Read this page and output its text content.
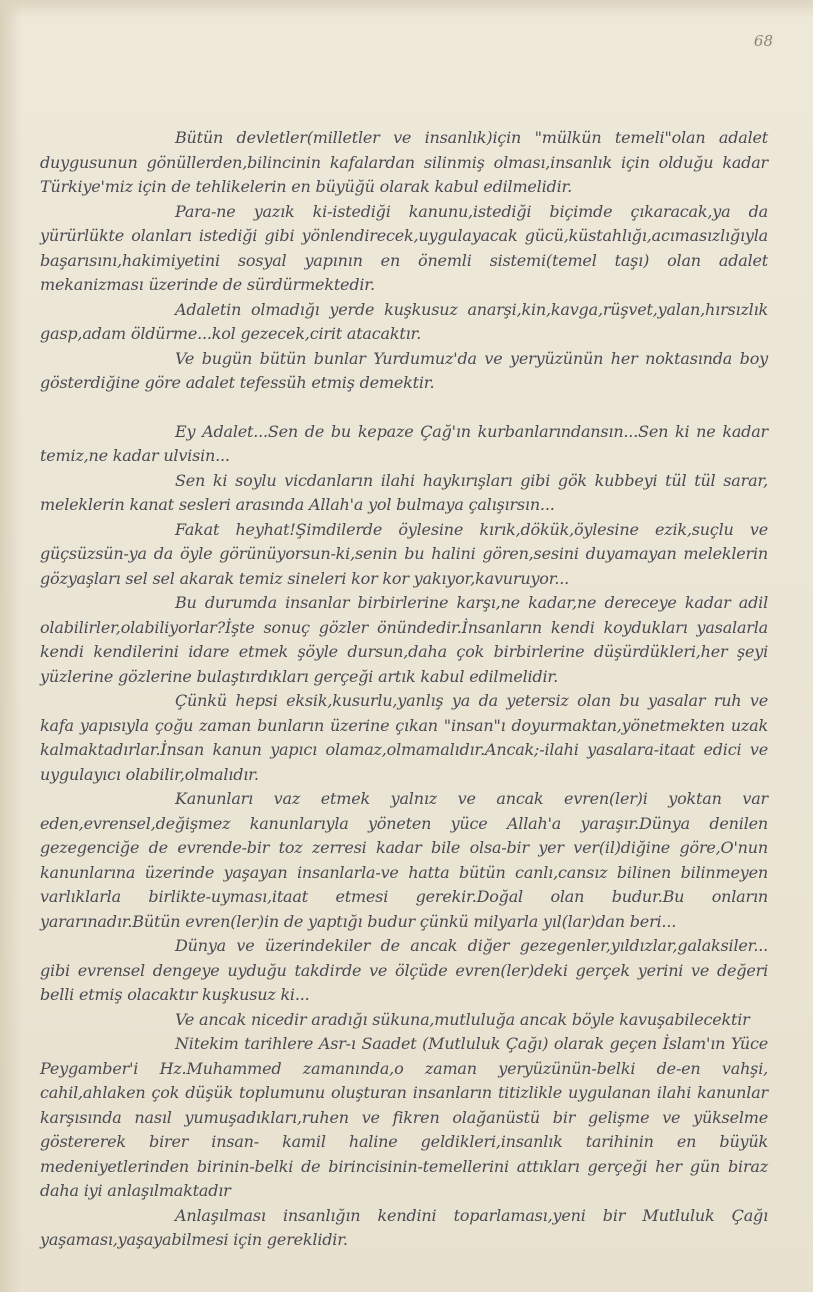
68

Bütün devletler(milletler ve insanlık)için "mülkün temeli"olan adalet duygusunun gönüllerden,bilincinin kafalardan silinmiş olması,insanlık için olduğu kadar Türkiye'miz için de tehlikelerin en büyüğü olarak kabul edilmelidir.

Para-ne yazık ki-istediği kanunu,istediği biçimde çıkaracak,ya da yürürlükte olanları istediği gibi yönlendirecek,uygulayacak gücü,küstahlığı,acımasızlığıyla başarısını,hakimiyetini sosyal yapının en önemli sistemi(temel taşı) olan adalet mekanizması üzerinde de sürdürmektedir.

Adaletin olmadığı yerde kuşkusuz anarşi,kin,kavga,rüşvet,yalan,hırsızlık gasp,adam öldürme...kol gezecek,cirit atacaktır.

Ve bugün bütün bunlar Yurdumuz'da ve yeryüzünün her noktasında boy gösterdiğine göre adalet tefessüh etmiş demektir.

Ey Adalet...Sen de bu kepaze Çağ'ın kurbanlarındansın...Sen ki ne kadar temiz,ne kadar ulvisin...

Sen ki soylu vicdanların ilahi haykırışları gibi gök kubbeyi tül tül sarar, meleklerin kanat sesleri arasında Allah'a yol bulmaya çalışırsın...

Fakat heyhat!Şimdilerde öylesine kırık,dökük,öylesine ezik,suçlu ve güçsüzsün-ya da öyle görünüyorsun-ki,senin bu halini gören,sesini duyamayan meleklerin gözyaşları sel sel akarak temiz sineleri kor kor yakıyor,kavuruyor...

Bu durumda insanlar birbirlerine karşı,ne kadar,ne dereceye kadar adil olabilirler,olabiliyorlar?İşte sonuç gözler önündedir.İnsanların kendi koydukları yasalarla kendi kendilerini idare etmek şöyle dursun,daha çok birbirlerine düşürdükleri,her şeyi yüzlerine gözlerine bulaştırdıkları gerçeği artık kabul edilmelidir.

Çünkü hepsi eksik,kusurlu,yanlış ya da yetersiz olan bu yasalar ruh ve kafa yapısıyla çoğu zaman bunların üzerine çıkan "insan"ı doyurmaktan,yönetmekten uzak kalmaktadırlar.İnsan kanun yapıcı olamaz,olmamalıdır.Ancak;-ilahi yasalara-itaat edici ve uygulayıcı olabilir,olmalıdır.

Kanunları vaz etmek yalnız ve ancak evren(ler)i yoktan var eden,evrensel,değişmez kanunlarıyla yöneten yüce Allah'a yaraşır.Dünya denilen gezegenciğe de evrende-bir toz zerresi kadar bile olsa-bir yer ver(il)diğine göre,O'nun kanunlarına üzerinde yaşayan insanlarla-ve hatta bütün canlı,cansız bilinen bilinmeyen varlıklarla birlikte-uyması,itaat etmesi gerekir.Doğal olan budur.Bu onların yararınadır.Bütün evren(ler)in de yaptığı budur çünkü milyarla yıl(lar)dan beri...

Dünya ve üzerindekiler de ancak diğer gezegenler,yıldızlar,galaksiler... gibi evrensel dengeye uyduğu takdirde ve ölçüde evren(ler)deki gerçek yerini ve değeri belli etmiş olacaktır kuşkusuz ki...

Ve ancak nicedir aradığı sükuna,mutluluğa ancak böyle kavuşabilecektir

Nitekim tarihlere Asr-ı Saadet (Mutluluk Çağı) olarak geçen İslam'ın Yüce Peygamber'i Hz.Muhammed zamanında,o zaman yeryüzünün-belki de-en vahşi, cahil,ahlaken çok düşük toplumunu oluşturan insanların titizlikle uygulanan ilahi kanunlar karşısında nasıl yumuşadıkları,ruhen ve fikren olağanüstü bir gelişme ve yükselme göstererek birer insan- kamil haline geldikleri,insanlık tarihinin en büyük medeniyetlerinden birinin-belki de birincisinin-temellerini attıkları gerçeği her gün biraz daha iyi anlaşılmaktadır

Anlaşılması insanlığın kendini toparlaması,yeni bir Mutluluk Çağı yaşaması,yaşayabilmesi için gereklidir.
